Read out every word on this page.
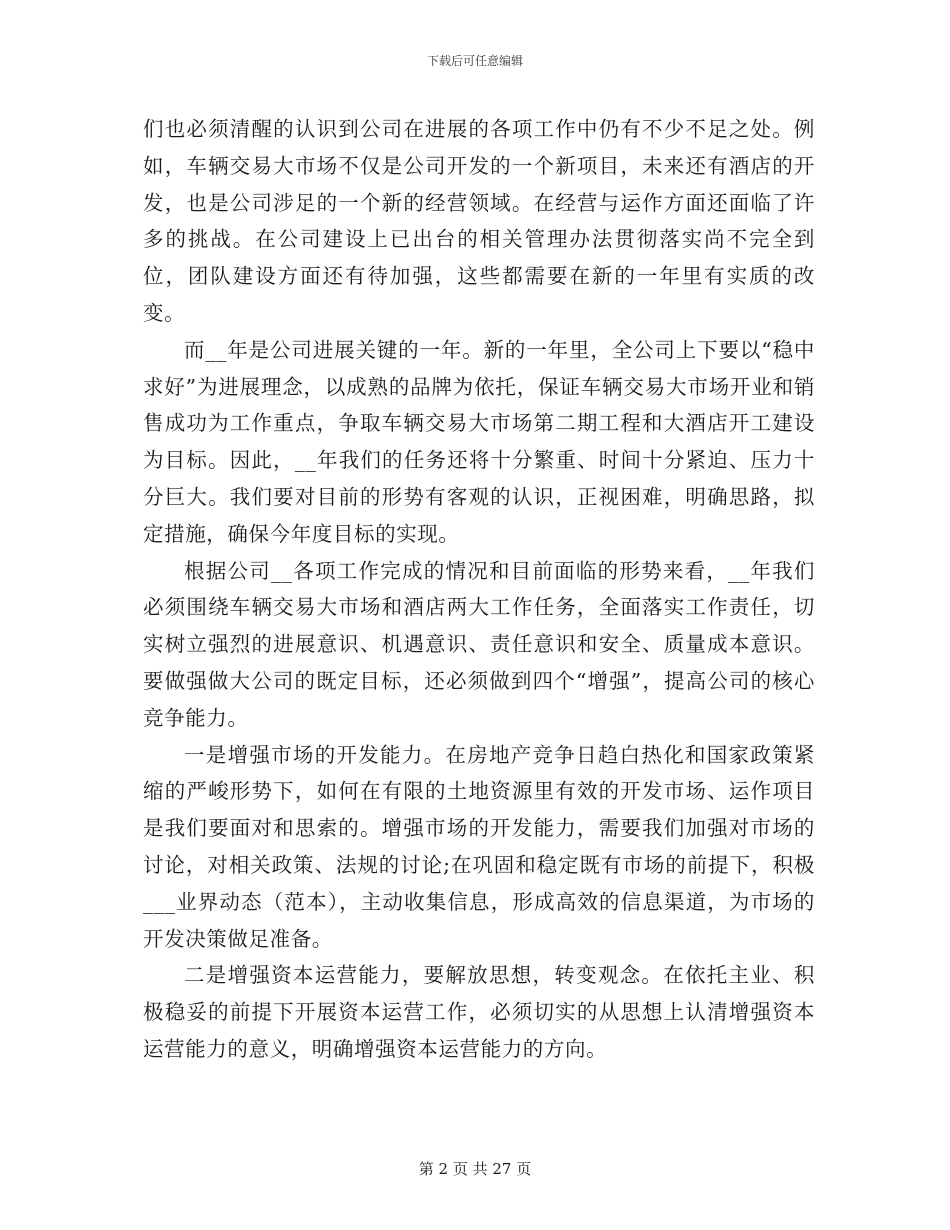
下载后可任意编辑

们也必须清醒的认识到公司在进展的各项工作中仍有不少不足之处。例如，车辆交易大市场不仅是公司开发的一个新项目，未来还有酒店的开发，也是公司涉足的一个新的经营领域。在经营与运作方面还面临了许多的挑战。在公司建设上已出台的相关管理办法贯彻落实尚不完全到位，团队建设方面还有待加强，这些都需要在新的一年里有实质的改变。

而__年是公司进展关键的一年。新的一年里，全公司上下要以“稳中求好”为进展理念，以成熟的品牌为依托，保证车辆交易大市场开业和销售成功为工作重点，争取车辆交易大市场第二期工程和大酒店开工建设为目标。因此，__年我们的任务还将十分繁重、时间十分紧迫、压力十分巨大。我们要对目前的形势有客观的认识，正视困难，明确思路，拟定措施，确保今年度目标的实现。

根据公司__各项工作完成的情况和目前面临的形势来看，__年我们必须围绕车辆交易大市场和酒店两大工作任务，全面落实工作责任，切实树立强烈的进展意识、机遇意识、责任意识和安全、质量成本意识。要做强做大公司的既定目标，还必须做到四个“增强”，提高公司的核心竞争能力。

一是增强市场的开发能力。在房地产竞争日趋白热化和国家政策紧缩的严峻形势下，如何在有限的土地资源里有效的开发市场、运作项目是我们要面对和思索的。增强市场的开发能力，需要我们加强对市场的讨论，对相关政策、法规的讨论;在巩固和稳定既有市场的前提下，积极___业界动态（范本），主动收集信息，形成高效的信息渠道，为市场的开发决策做足准备。

二是增强资本运营能力，要解放思想，转变观念。在依托主业、积极稳妥的前提下开展资本运营工作，必须切实的从思想上认清增强资本运营能力的意义，明确增强资本运营能力的方向。

第 2 页 共 27 页
